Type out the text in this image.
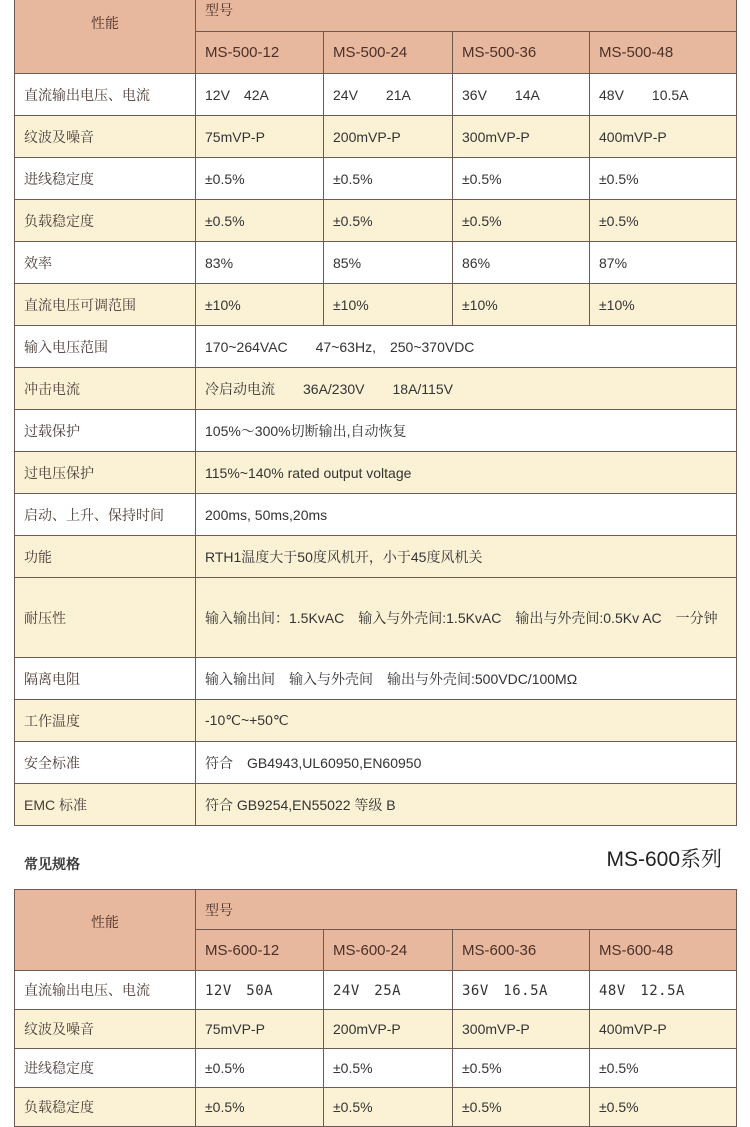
性能	型号			
	MS-500-12	MS-500-24	MS-500-36	MS-500-48
直流输出电压、电流	12V　42A	24V　　21A	36V　　14A	48V　　10.5A
纹波及噪音	75mVP-P	200mVP-P	300mVP-P	400mVP-P
进线稳定度	±0.5%	±0.5%	±0.5%	±0.5%
负载稳定度	±0.5%	±0.5%	±0.5%	±0.5%
效率	83%	85%	86%	87%
直流电压可调范围	±10%	±10%	±10%	±10%
输入电压范围	170~264VAC　　47~63Hz,　250~370VDC			
冲击电流	冷启动电流　　36A/230V　　18A/115V			
过载保护	105%～300%切断输出,自动恢复			
过电压保护	115%~140% rated output voltage			
启动、上升、保持时间	200ms, 50ms,20ms			
功能	RTH1温度大于50度风机开，小于45度风机关			
耐压性	输入输出间：1.5KvAC　输入与外壳间:1.5KvAC　输出与外壳间:0.5Kv AC　一分钟			
隔离电阻	输入输出间　输入与外壳间　输出与外壳间:500VDC/100MΩ			
工作温度	-10℃~+50℃			
安全标准	符合　GB4943,UL60950,EN60950			
EMC 标准	符合 GB9254,EN55022 等级 B			
常见规格	MS-600系列
性能	型号			
	MS-600-12	MS-600-24	MS-600-36	MS-600-48
直流输出电压、电流	12V　50A	24V　25A	36V　16.5A	48V　12.5A
纹波及噪音	75mVP-P	200mVP-P	300mVP-P	400mVP-P
进线稳定度	±0.5%	±0.5%	±0.5%	±0.5%
负载稳定度	±0.5%	±0.5%	±0.5%	±0.5%
